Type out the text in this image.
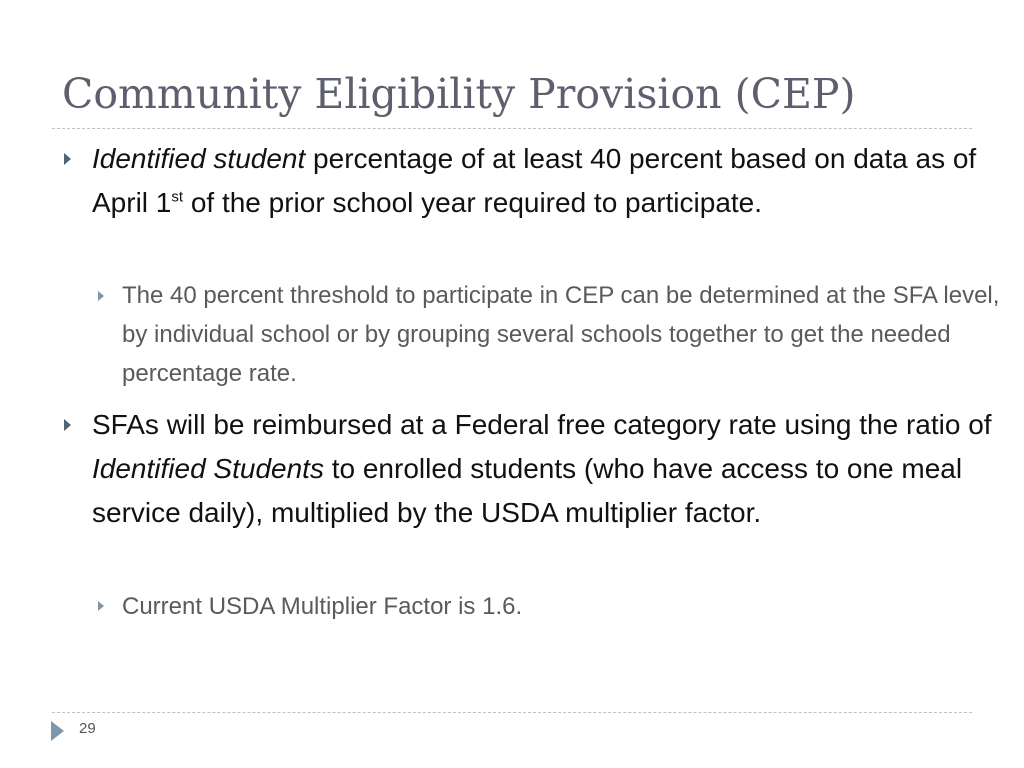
Community Eligibility Provision (CEP)
Identified student percentage of at least 40 percent based on data as of April 1st of the prior school year required to participate.
The 40 percent threshold to participate in CEP can be determined at the SFA level, by individual school or by grouping several schools together to get the needed percentage rate.
SFAs will be reimbursed at a Federal free category rate using the ratio of Identified Students to enrolled students (who have access to one meal service daily), multiplied by the USDA multiplier factor.
Current USDA Multiplier Factor is 1.6.
29
